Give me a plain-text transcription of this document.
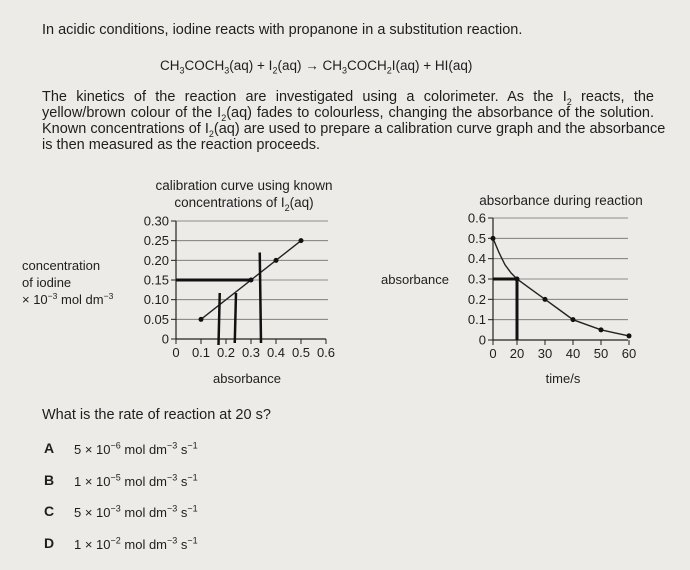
In acidic conditions, iodine reacts with propanone in a substitution reaction.
$CH_3COCH_3(aq) + I_2(aq)$ → $CH_3COCH_2I(aq) + HI(aq)$
The kinetics of the reaction are investigated using a colorimeter. As the $I_2$ reacts, the
yellow/brown colour of the $I_2(aq)$ fades to colourless, changing the absorbance of the solution.
Known concentrations of $I_2(aq)$ are used to prepare a calibration curve graph and the absorbance
is then measured as the reaction proceeds.
calibration curve using known
concentrations of $I_2(aq)$
concentration
of iodine
× $10^{-3}$ mol $dm^{-3}$
0
0.05
0.10
0.15
0.20
0.25
0.30
0 0.1 0.2 0.3 0.4 0.5 0.6
absorbance
absorbance during reaction
absorbance
0
0.1
0.2
0.3
0.4
0.5
0.6
0 20 30 40 50 60
time/s
What is the rate of reaction at 20 s?
A $5 \times 10^{-6}$ mol $dm^{-3}$ $s^{-1}$
B $1 \times 10^{-5}$ mol $dm^{-3}$ $s^{-1}$
C $5 \times 10^{-3}$ mol $dm^{-3}$ $s^{-1}$
D $1 \times 10^{-2}$ mol $dm^{-3}$ $s^{-1}$
